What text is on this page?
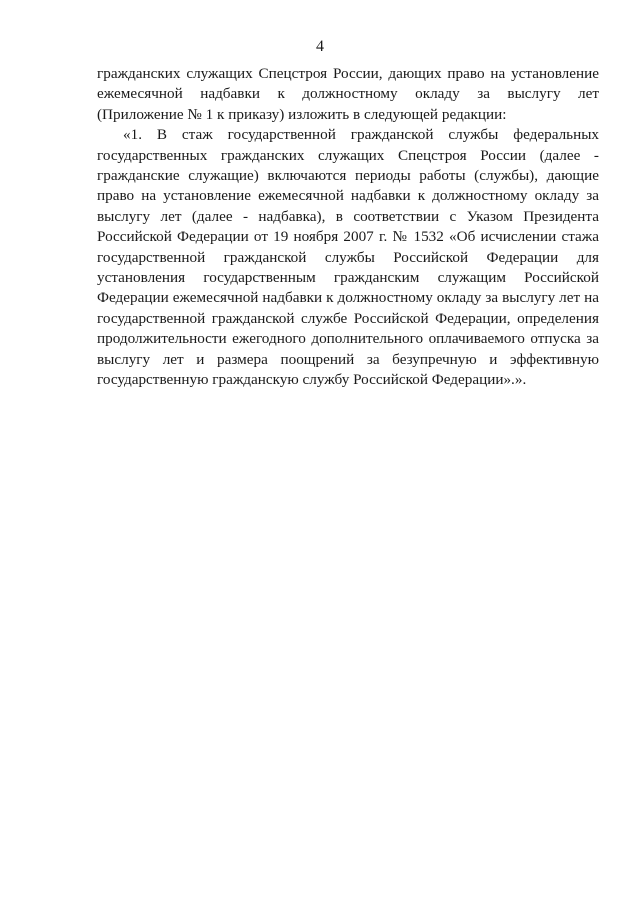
4
гражданских служащих Спецстроя России, дающих право на установление
ежемесячной надбавки к должностному окладу за выслугу лет
(Приложение № 1 к приказу) изложить в следующей редакции:
«1. В стаж государственной гражданской службы федеральных
государственных гражданских служащих Спецстроя России (далее -
гражданские служащие) включаются периоды работы (службы), дающие
право на установление ежемесячной надбавки к должностному окладу за
выслугу лет (далее - надбавка), в соответствии с Указом Президента
Российской Федерации от 19 ноября 2007 г. № 1532 «Об исчислении стажа
государственной гражданской службы Российской Федерации для
установления государственным гражданским служащим Российской
Федерации ежемесячной надбавки к должностному окладу за выслугу лет на
государственной гражданской службе Российской Федерации, определения
продолжительности ежегодного дополнительного оплачиваемого отпуска за
выслугу лет и размера поощрений за безупречную и эффективную
государственную гражданскую службу Российской Федерации».».
